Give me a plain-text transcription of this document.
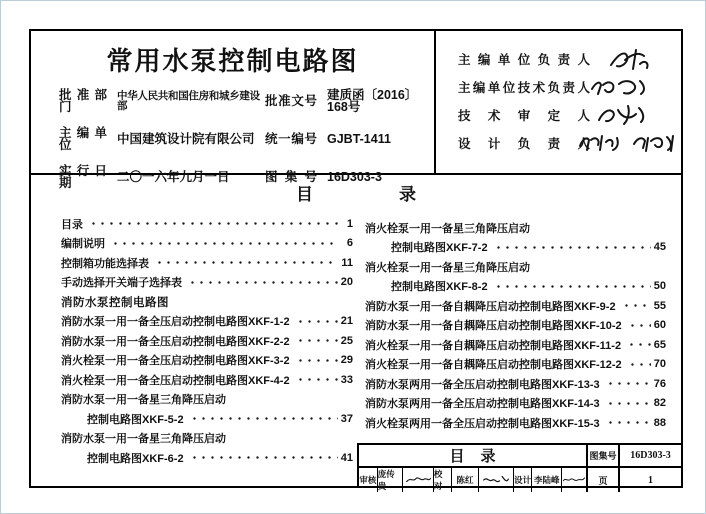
常用水泵控制电路图
批准部门
中华人民共和国住房和城乡建设部	批准文号 建质函〔2016〕168号
主编单位	中国建筑设计院有限公司 统一编号 GJBT-1411
实行日期	二〇一六年九月一日	图集号 16D303-3
主编单位负责人
主编单位技术负责人
技术审定人
设计负责人
目录
目录	1
编制说明	6
控制箱功能选择表	11
手动选择开关端子选择表	20
消防水泵控制电路图
消防水泵一用一备全压启动控制电路图XKF-1-2	21
消防水泵一用一备全压启动控制电路图XKF-2-2	25
消火栓泵一用一备全压启动控制电路图XKF-3-2	29
消火栓泵一用一备全压启动控制电路图XKF-4-2	33
消防水泵一用一备星三角降压启动
控制电路图XKF-5-2	37
消防水泵一用一备星三角降压启动
控制电路图XKF-6-2	41
消火栓泵一用一备星三角降压启动
控制电路图XKF-7-2	45
消火栓泵一用一备星三角降压启动
控制电路图XKF-8-2	50
消防水泵一用一备自耦降压启动控制电路图XKF-9-2	55
消防水泵一用一备自耦降压启动控制电路图XKF-10-2	60
消火栓泵一用一备自耦降压启动控制电路图XKF-11-2	65
消火栓泵一用一备自耦降压启动控制电路图XKF-12-2	70
消防水泵两用一备全压启动控制电路图XKF-13-3	76
消防水泵两用一备全压启动控制电路图XKF-14-3	82
消火栓泵两用一备全压启动控制电路图XKF-15-3	88
目录	图集号	16D303-3
审核
庞传贵
校对
陈红	设计 李陆峰	页	1
